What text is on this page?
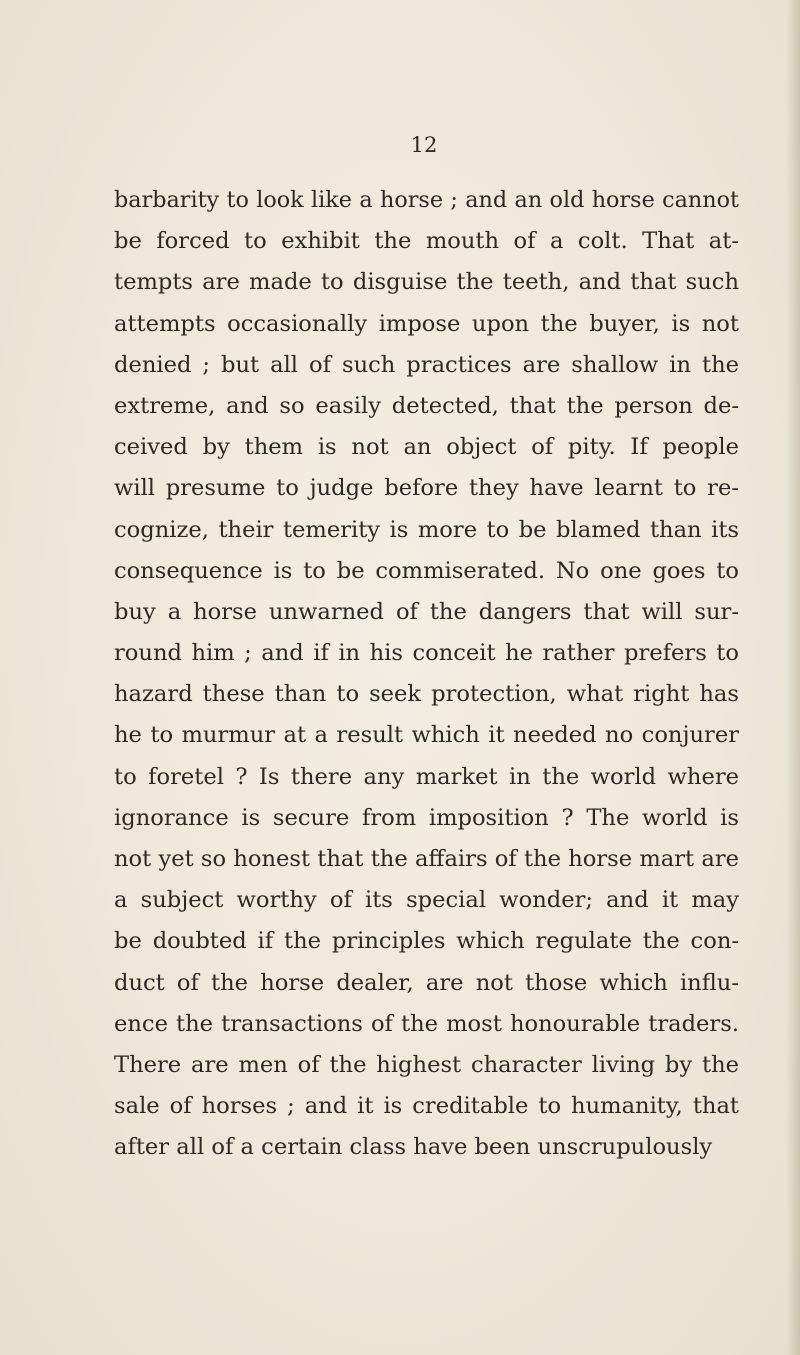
12
barbarity to look like a horse ; and an old horse cannot
be forced to exhibit the mouth of a colt. That at-
tempts are made to disguise the teeth, and that such
attempts occasionally impose upon the buyer, is not
denied ; but all of such practices are shallow in the
extreme, and so easily detected, that the person de-
ceived by them is not an object of pity. If people
will presume to judge before they have learnt to re-
cognize, their temerity is more to be blamed than its
consequence is to be commiserated. No one goes to
buy a horse unwarned of the dangers that will sur-
round him ; and if in his conceit he rather prefers to
hazard these than to seek protection, what right has
he to murmur at a result which it needed no conjurer
to foretel ? Is there any market in the world where
ignorance is secure from imposition ? The world is
not yet so honest that the affairs of the horse mart are
a subject worthy of its special wonder; and it may
be doubted if the principles which regulate the con-
duct of the horse dealer, are not those which influ-
ence the transactions of the most honourable traders.
There are men of the highest character living by the
sale of horses ; and it is creditable to humanity, that
after all of a certain class have been unscrupulously
